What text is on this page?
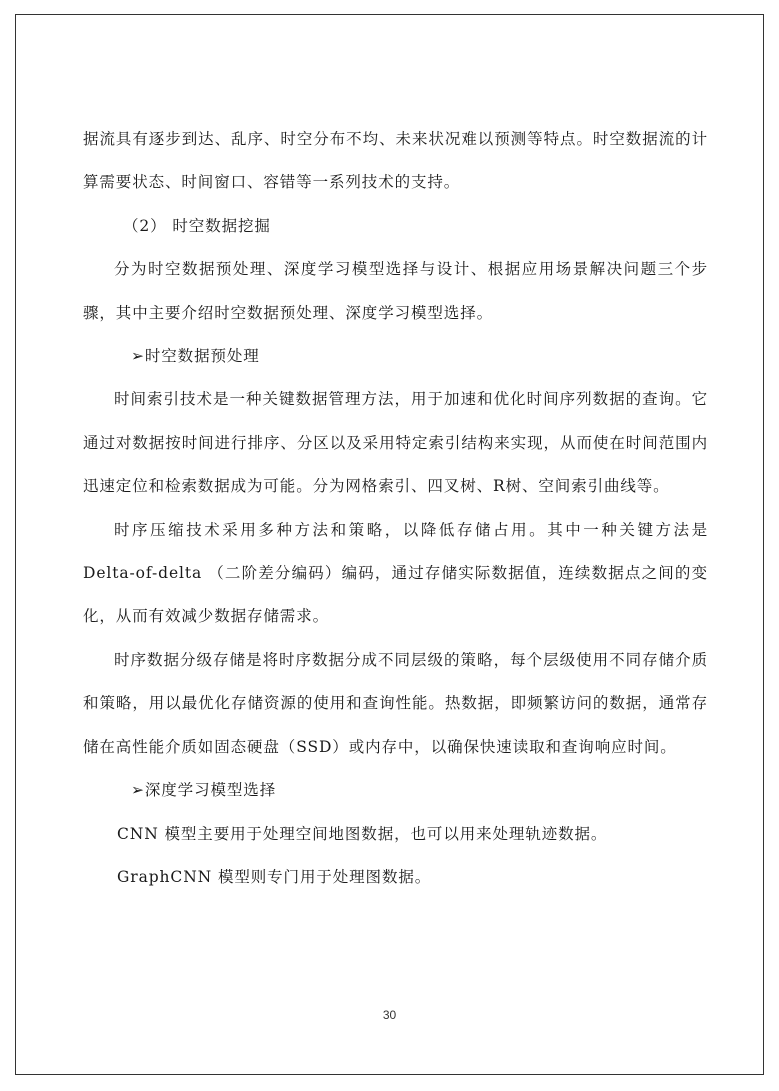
据流具有逐步到达、乱序、时空分布不均、未来状况难以预测等特点。时空数据流的计算需要状态、时间窗口、容错等一系列技术的支持。

（2） 时空数据挖掘

分为时空数据预处理、深度学习模型选择与设计、根据应用场景解决问题三个步骤，其中主要介绍时空数据预处理、深度学习模型选择。

➢时空数据预处理

时间索引技术是一种关键数据管理方法，用于加速和优化时间序列数据的查询。它通过对数据按时间进行排序、分区以及采用特定索引结构来实现，从而使在时间范围内迅速定位和检索数据成为可能。分为网格索引、四叉树、R树、空间索引曲线等。

时序压缩技术采用多种方法和策略，以降低存储占用。其中一种关键方法是 Delta-of-delta （二阶差分编码）编码，通过存储实际数据值，连续数据点之间的变化，从而有效减少数据存储需求。

时序数据分级存储是将时序数据分成不同层级的策略，每个层级使用不同存储介质和策略，用以最优化存储资源的使用和查询性能。热数据，即频繁访问的数据，通常存储在高性能介质如固态硬盘（SSD）或内存中，以确保快速读取和查询响应时间。

➢深度学习模型选择

CNN 模型主要用于处理空间地图数据，也可以用来处理轨迹数据。

GraphCNN 模型则专门用于处理图数据。

30
